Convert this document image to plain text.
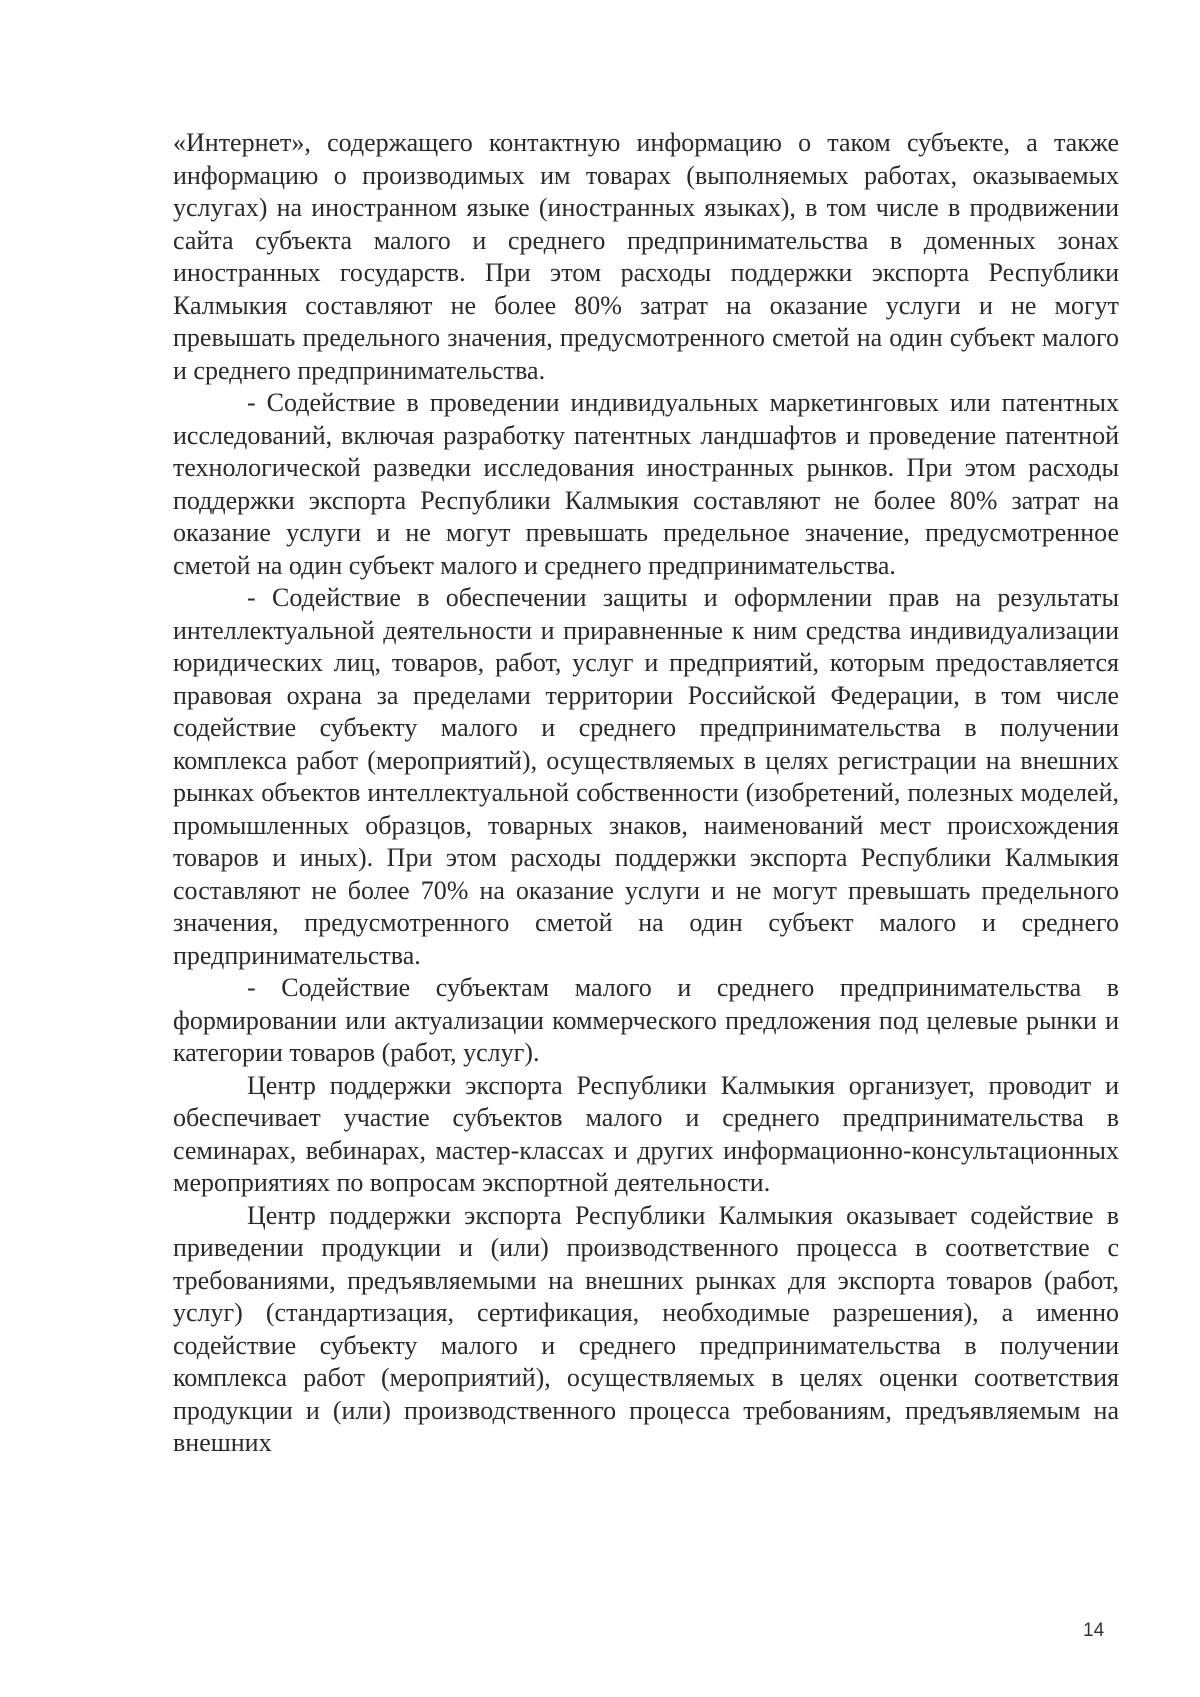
«Интернет», содержащего контактную информацию о таком субъекте, а также информацию о производимых им товарах (выполняемых работах, оказываемых услугах) на иностранном языке (иностранных языках), в том числе в продвижении сайта субъекта малого и среднего предпринимательства в доменных зонах иностранных государств. При этом расходы поддержки экспорта Республики Калмыкия составляют не более 80% затрат на оказание услуги и не могут превышать предельного значения, предусмотренного сметой на один субъект малого и среднего предпринимательства.

- Содействие в проведении индивидуальных маркетинговых или патентных исследований, включая разработку патентных ландшафтов и проведение патентной технологической разведки исследования иностранных рынков. При этом расходы поддержки экспорта Республики Калмыкия составляют не более 80% затрат на оказание услуги и не могут превышать предельное значение, предусмотренное сметой на один субъект малого и среднего предпринимательства.

- Содействие в обеспечении защиты и оформлении прав на результаты интеллектуальной деятельности и приравненные к ним средства индивидуализации юридических лиц, товаров, работ, услуг и предприятий, которым предоставляется правовая охрана за пределами территории Российской Федерации, в том числе содействие субъекту малого и среднего предпринимательства в получении комплекса работ (мероприятий), осуществляемых в целях регистрации на внешних рынках объектов интеллектуальной собственности (изобретений, полезных моделей, промышленных образцов, товарных знаков, наименований мест происхождения товаров и иных). При этом расходы поддержки экспорта Республики Калмыкия составляют не более 70% на оказание услуги и не могут превышать предельного значения, предусмотренного сметой на один субъект малого и среднего предпринимательства.

- Содействие субъектам малого и среднего предпринимательства в формировании или актуализации коммерческого предложения под целевые рынки и категории товаров (работ, услуг).

Центр поддержки экспорта Республики Калмыкия организует, проводит и обеспечивает участие субъектов малого и среднего предпринимательства в семинарах, вебинарах, мастер-классах и других информационно-консультационных мероприятиях по вопросам экспортной деятельности.

Центр поддержки экспорта Республики Калмыкия оказывает содействие в приведении продукции и (или) производственного процесса в соответствие с требованиями, предъявляемыми на внешних рынках для экспорта товаров (работ, услуг) (стандартизация, сертификация, необходимые разрешения), а именно содействие субъекту малого и среднего предпринимательства в получении комплекса работ (мероприятий), осуществляемых в целях оценки соответствия продукции и (или) производственного процесса требованиям, предъявляемым на внешних

14
